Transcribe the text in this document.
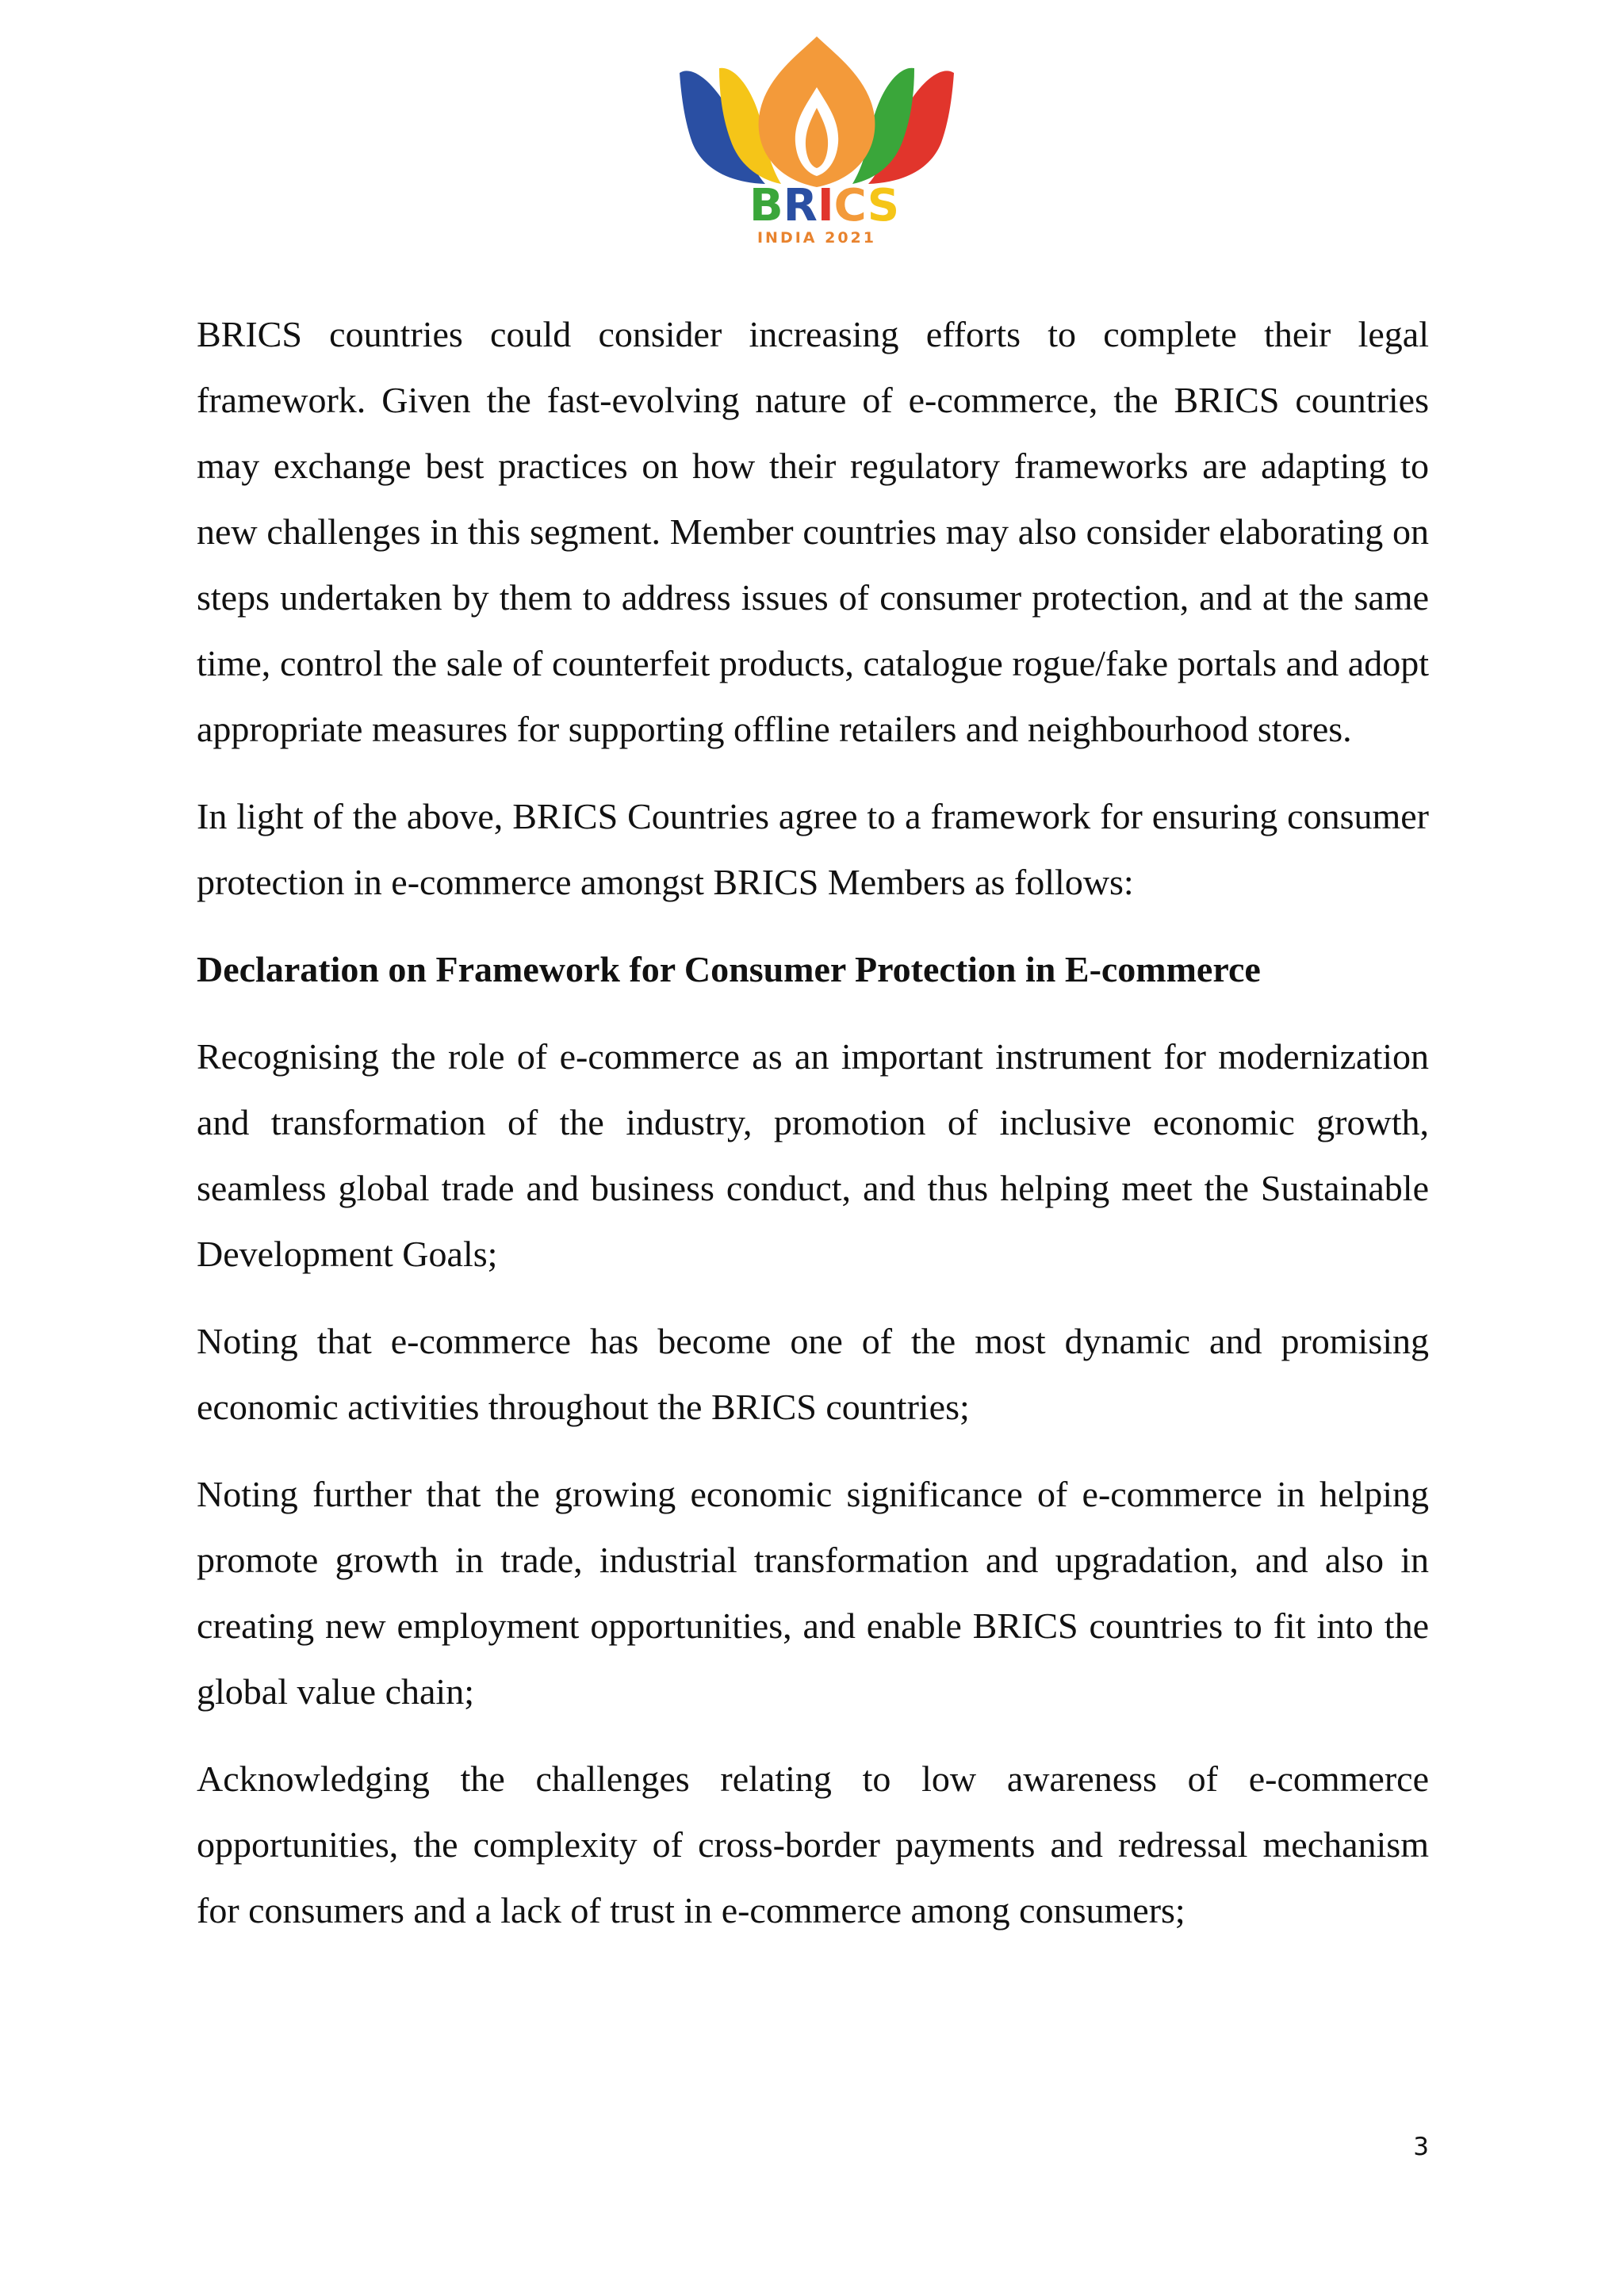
BRICS
INDIA 2021

BRICS countries could consider increasing efforts to complete their legal framework. Given the fast-evolving nature of e-commerce, the BRICS countries may exchange best practices on how their regulatory frameworks are adapting to new challenges in this segment. Member countries may also consider elaborating on steps undertaken by them to address issues of consumer protection, and at the same time, control the sale of counterfeit products, catalogue rogue/fake portals and adopt appropriate measures for supporting offline retailers and neighbourhood stores.

In light of the above, BRICS Countries agree to a framework for ensuring consumer protection in e-commerce amongst BRICS Members as follows:

Declaration on Framework for Consumer Protection in E-commerce

Recognising the role of e-commerce as an important instrument for modernization and transformation of the industry, promotion of inclusive economic growth, seamless global trade and business conduct, and thus helping meet the Sustainable Development Goals;

Noting that e-commerce has become one of the most dynamic and promising economic activities throughout the BRICS countries;

Noting further that the growing economic significance of e-commerce in helping promote growth in trade, industrial transformation and upgradation, and also in creating new employment opportunities, and enable BRICS countries to fit into the global value chain;

Acknowledging the challenges relating to low awareness of e-commerce opportunities, the complexity of cross-border payments and redressal mechanism for consumers and a lack of trust in e-commerce among consumers;

3
